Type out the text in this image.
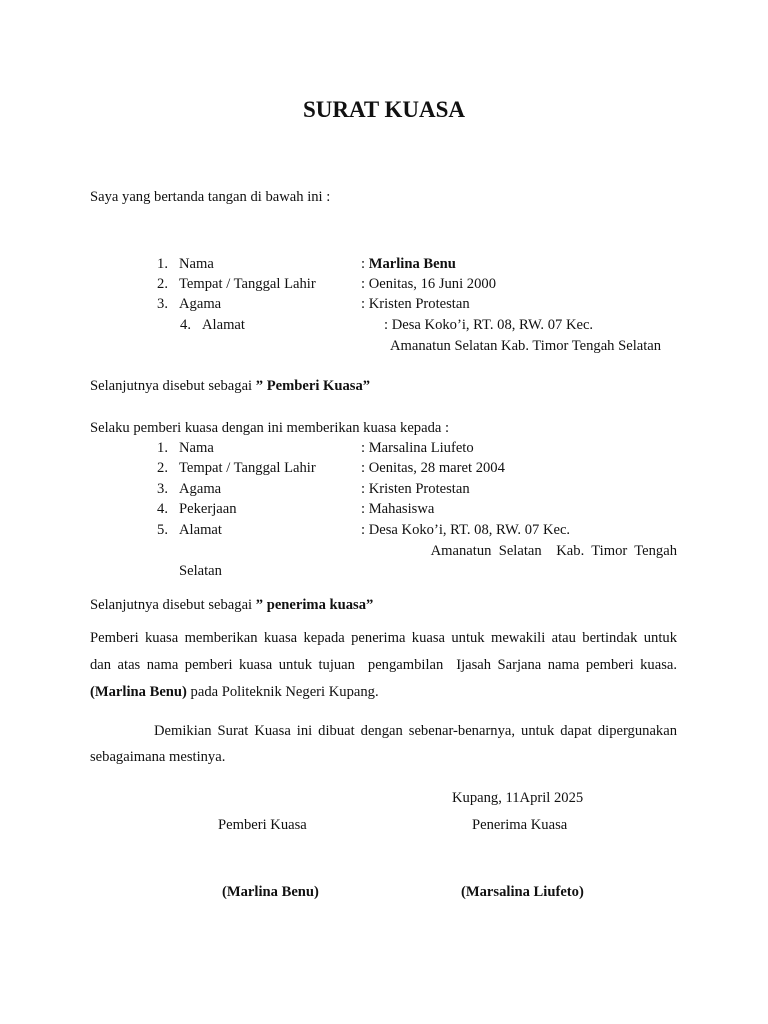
SURAT KUASA
Saya yang bertanda tangan di bawah ini :
1. Nama	: Marlina Benu
2. Tempat / Tanggal Lahir	: Oenitas, 16 Juni 2000
3. Agama	: Kristen Protestan
4. Alamat	: Desa Koko’i, RT. 08, RW. 07 Kec.
Amanatun Selatan Kab. Timor Tengah Selatan
Selanjutnya disebut sebagai ” Pemberi Kuasa”
Selaku pemberi kuasa dengan ini memberikan kuasa kepada :
1. Nama	: Marsalina Liufeto
2. Tempat / Tanggal Lahir	: Oenitas, 28 maret 2004
3. Agama	: Kristen Protestan
4. Pekerjaan	: Mahasiswa
5. Alamat	: Desa Koko’i, RT. 08, RW. 07 Kec.
Amanatun  Selatan    Kab.  Timor  Tengah
Selatan
Selanjutnya disebut sebagai ” penerima kuasa”
Pemberi kuasa memberikan kuasa kepada penerima kuasa untuk mewakili atau bertindak untuk
dan atas nama pemberi kuasa untuk tujuan  pengambilan  Ijasah Sarjana nama pemberi kuasa.
(Marlina Benu) pada Politeknik Negeri Kupang.
Demikian Surat Kuasa ini dibuat dengan sebenar-benarnya, untuk dapat dipergunakan
sebagaimana mestinya.
Kupang, 11April 2025
Pemberi Kuasa	Penerima Kuasa
(Marlina Benu)	(Marsalina Liufeto)
